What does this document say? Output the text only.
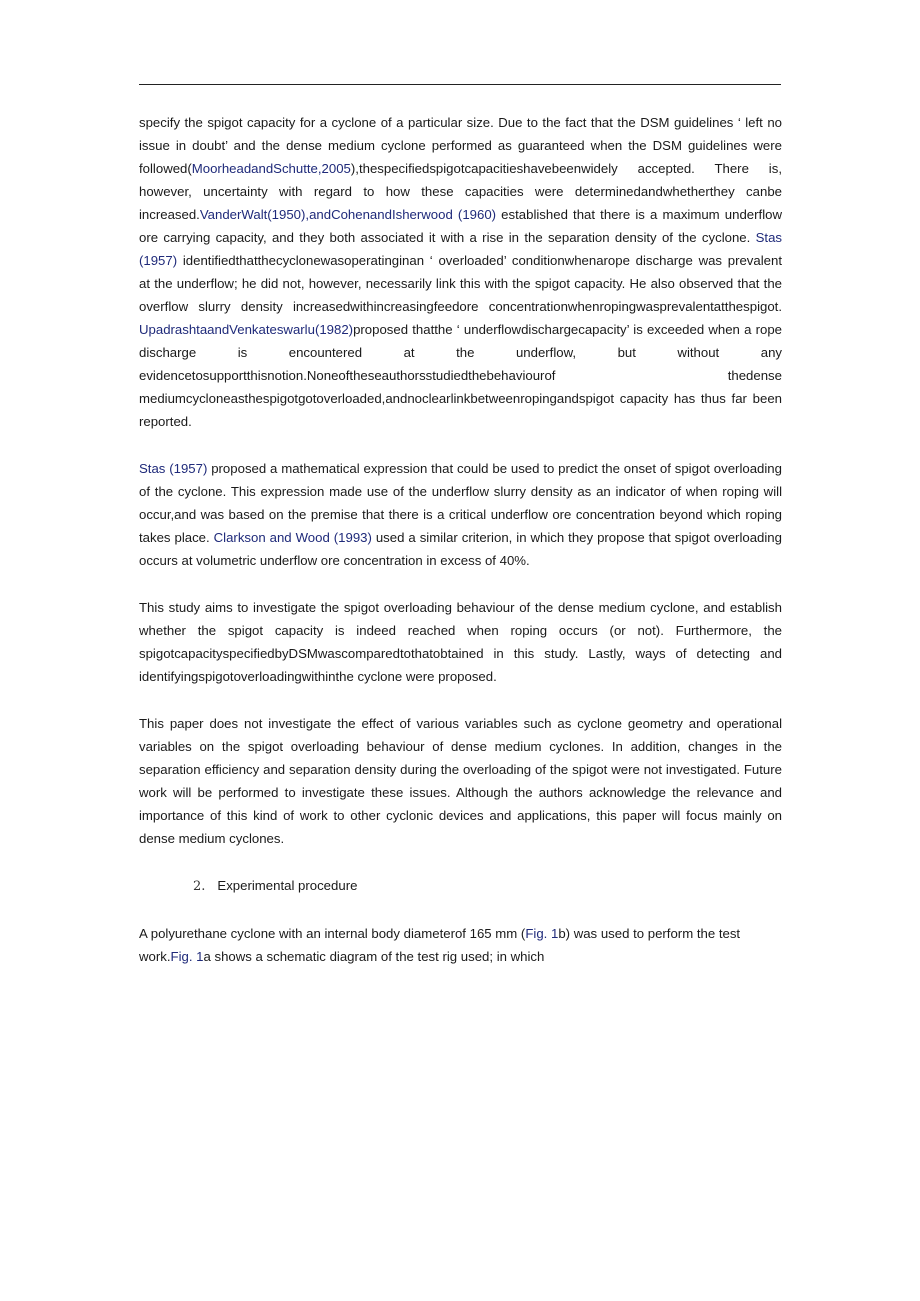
specify the spigot capacity for a cyclone of a particular size. Due to the fact that the DSM guidelines ‘ left no issue in doubt’ and the dense medium cyclone performed as guaranteed when the DSM guidelines were followed(MoorheadandSchutte,2005),thespecifiedspigotcapacitieshavebeenwidely accepted. There is, however, uncertainty with regard to how these capacities were determinedandwhetherthey canbe increased.VanderWalt(1950),andCohenandIsherwood (1960) established that there is a maximum underflow ore carrying capacity, and they both associated it with a rise in the separation density of the cyclone. Stas (1957) identifiedthatthecyclonewasoperatinginan ‘ overloaded’ conditionwhenarope discharge was prevalent at the underflow; he did not, however, necessarily link this with the spigot capacity. He also observed that the overflow slurry density increasedwithincreasingfeedore concentrationwhenropingwasprevalentatthespigot. UpadrashtaandVenkateswarlu(1982)proposed thatthe ‘ underflowdischargecapacity’ is exceeded when a rope discharge is encountered at the underflow, but without any evidencetosupportthisnotion.Noneoftheseauthorsstudiedthebehaviourof thedense mediumcycloneasthespigotgotoverloaded,andnoclearlinkbetweenropingandspigot capacity has thus far been reported.

Stas (1957) proposed a mathematical expression that could be used to predict the onset of spigot overloading of the cyclone. This expression made use of the underflow slurry density as an indicator of when roping will occur,and was based on the premise that there is a critical underflow ore concentration beyond which roping takes place. Clarkson and Wood (1993) used a similar criterion, in which they propose that spigot overloading occurs at volumetric underflow ore concentration in excess of 40%.

This study aims to investigate the spigot overloading behaviour of the dense medium cyclone, and establish whether the spigot capacity is indeed reached when roping occurs (or not). Furthermore, the spigotcapacityspecifiedbyDSMwascomparedtothatobtained in this study. Lastly, ways of detecting and identifyingspigotoverloadingwithinthe cyclone were proposed.

This paper does not investigate the effect of various variables such as cyclone geometry and operational variables on the spigot overloading behaviour of dense medium cyclones. In addition, changes in the separation efficiency and separation density during the overloading of the spigot were not investigated. Future work will be performed to investigate these issues. Although the authors acknowledge the relevance and importance of this kind of work to other cyclonic devices and applications, this paper will focus mainly on dense medium cyclones.

2. Experimental procedure

A polyurethane cyclone with an internal body diameterof 165 mm (Fig. 1b) was used to perform the test work.Fig. 1a shows a schematic diagram of the test rig used; in which
